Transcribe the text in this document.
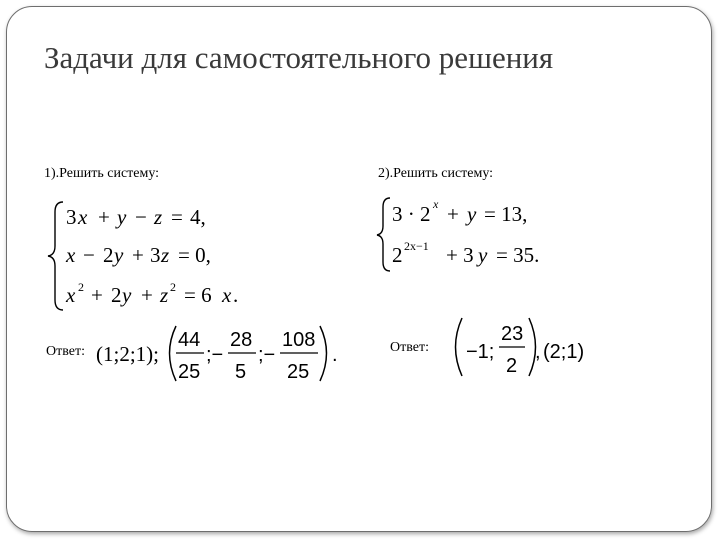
Задачи для самостоятельного решения
1).Решить систему:	2).Решить систему:
Ответ:	Ответ:
3 x + y − z = 4,
x − 2 y + 3 z = 0,
x 2 + 2 y + z 2 = 6 x .
3 · 2 x + y = 13,
2 2x−1 + 3 y = 35.
(1;2;1);
44
25
;−
28
5
;−
108
25
.	−1;
23
2
, (2;1)
